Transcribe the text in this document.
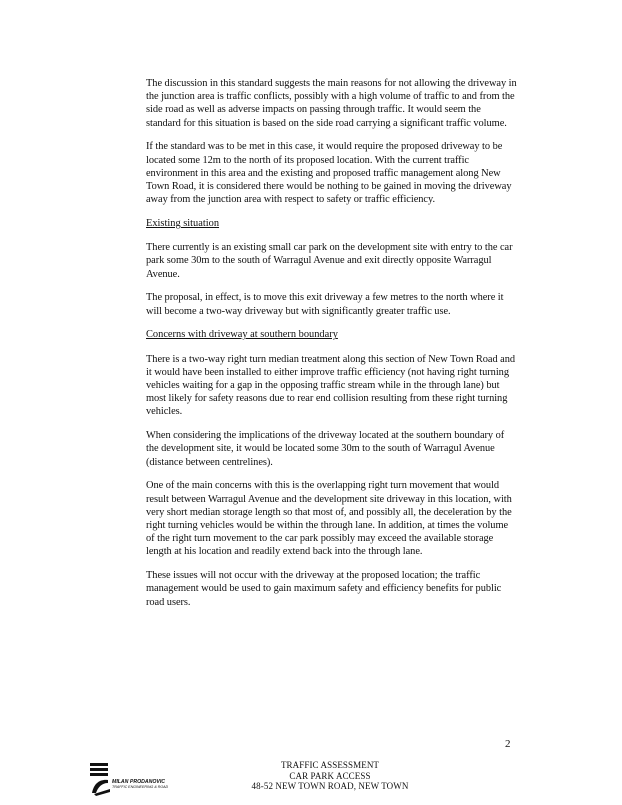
The discussion in this standard suggests the main reasons for not allowing the driveway in the junction area is traffic conflicts, possibly with a high volume of traffic to and from the side road as well as adverse impacts on passing through traffic. It would seem the standard for this situation is based on the side road carrying a significant traffic volume.

If the standard was to be met in this case, it would require the proposed driveway to be located some 12m to the north of its proposed location. With the current traffic environment in this area and the existing and proposed traffic management along New Town Road, it is considered there would be nothing to be gained in moving the driveway away from the junction area with respect to safety or traffic efficiency.

Existing situation

There currently is an existing small car park on the development site with entry to the car park some 30m to the south of Warragul Avenue and exit directly opposite Warragul Avenue.

The proposal, in effect, is to move this exit driveway a few metres to the north where it will become a two-way driveway but with significantly greater traffic use.

Concerns with driveway at southern boundary

There is a two-way right turn median treatment along this section of New Town Road and it would have been installed to either improve traffic efficiency (not having right turning vehicles waiting for a gap in the opposing traffic stream while in the through lane) but most likely for safety reasons due to rear end collision resulting from these right turning vehicles.

When considering the implications of the driveway located at the southern boundary of the development site, it would be located some 30m to the south of Warragul Avenue (distance between centrelines).

One of the main concerns with this is the overlapping right turn movement that would result between Warragul Avenue and the development site driveway in this location, with very short median storage length so that most of, and possibly all, the deceleration by the right turning vehicles would be within the through lane. In addition, at times the volume of the right turn movement to the car park possibly may exceed the available storage length at his location and readily extend back into the through lane.

These issues will not occur with the driveway at the proposed location; the traffic management would be used to gain maximum safety and efficiency benefits for public road users.

2
MILAN PRODANOVIC
TRAFFIC ENGINEERING & ROAD
TRAFFIC ASSESSMENT
CAR PARK ACCESS
48-52 NEW TOWN ROAD, NEW TOWN
